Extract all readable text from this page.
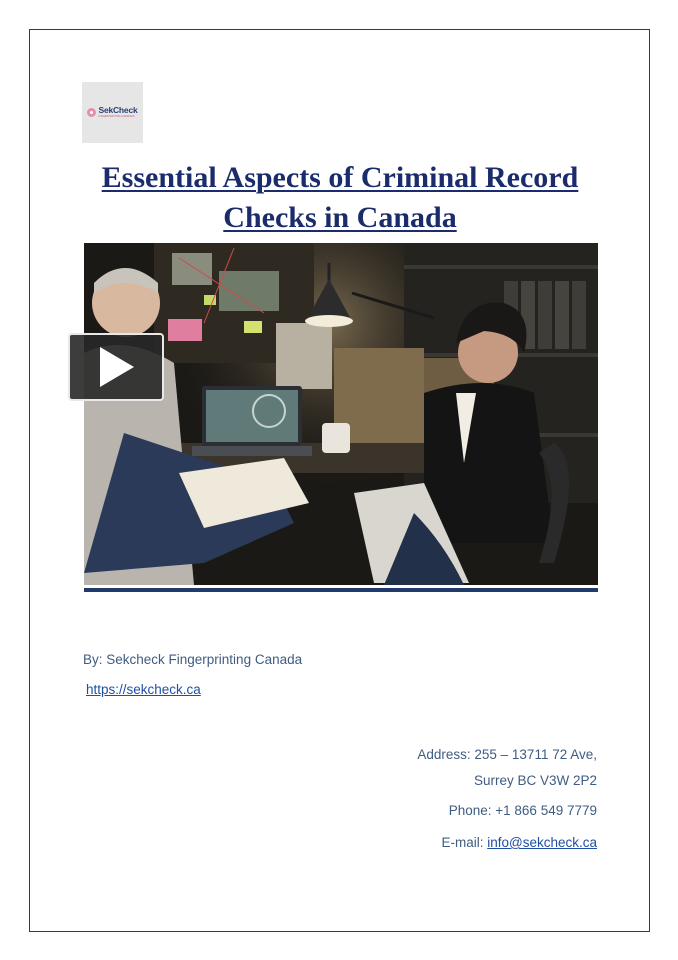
SekCheck
FINGERPRINTING AGENCIES
Essential Aspects of Criminal Record
Checks in Canada
By: Sekcheck Fingerprinting Canada
https://sekcheck.ca
Address: 255 – 13711 72 Ave,
Surrey BC V3W 2P2
Phone: +1 866 549 7779
E-mail: info@sekcheck.ca
